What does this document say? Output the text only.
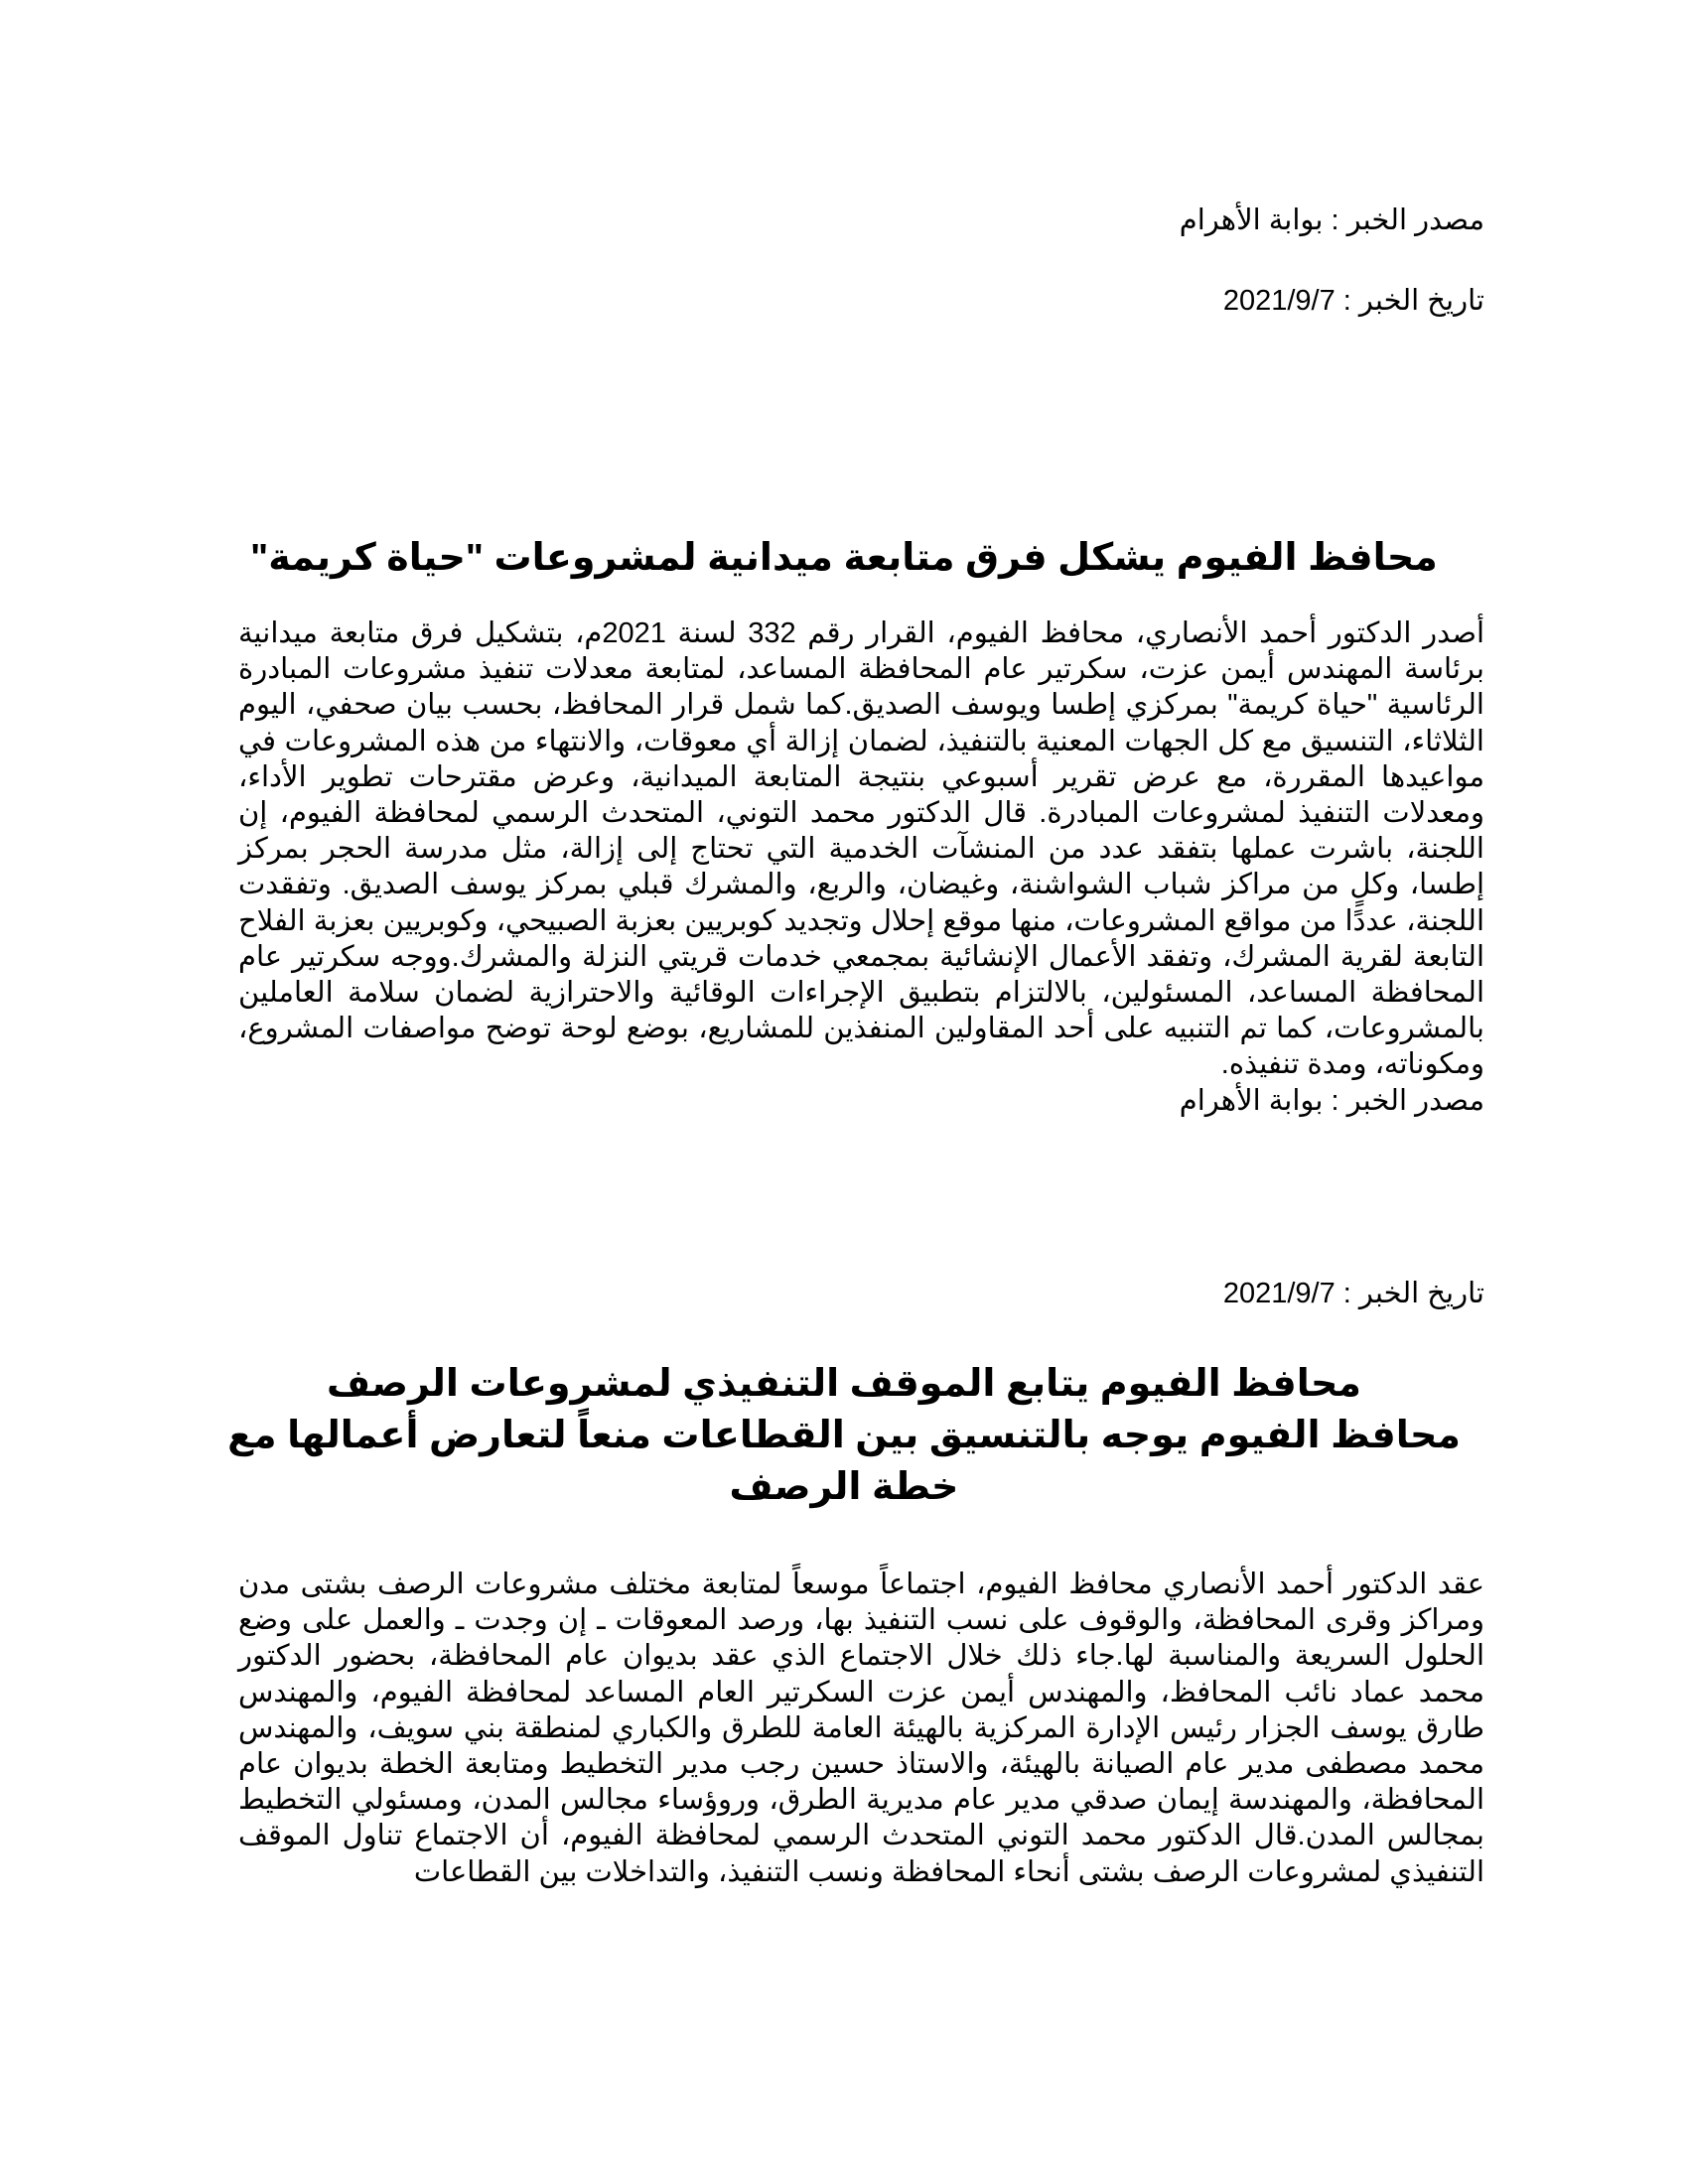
مصدر الخبر : بوابة الأهرام
تاريخ الخبر : 2021/9/7
محافظ الفيوم يشكل فرق متابعة ميدانية لمشروعات "حياة كريمة"

أصدر الدكتور أحمد الأنصاري، محافظ الفيوم، القرار رقم 332 لسنة 2021م، بتشكيل فرق متابعة ميدانية برئاسة المهندس أيمن عزت، سكرتير عام المحافظة المساعد، لمتابعة معدلات تنفيذ مشروعات المبادرة الرئاسية "حياة كريمة" بمركزي إطسا ويوسف الصديق.كما شمل قرار المحافظ، بحسب بيان صحفي، اليوم الثلاثاء، التنسيق مع كل الجهات المعنية بالتنفيذ، لضمان إزالة أي معوقات، والانتهاء من هذه المشروعات في مواعيدها المقررة، مع عرض تقرير أسبوعي بنتيجة المتابعة الميدانية، وعرض مقترحات تطوير الأداء، ومعدلات التنفيذ لمشروعات المبادرة. قال الدكتور محمد التوني، المتحدث الرسمي لمحافظة الفيوم، إن اللجنة، باشرت عملها بتفقد عدد من المنشآت الخدمية التي تحتاج إلى إزالة، مثل مدرسة الحجر بمركز إطسا، وكلٍ من مراكز شباب الشواشنة، وغيضان، والربع، والمشرك قبلي بمركز يوسف الصديق. وتفقدت اللجنة، عددًا من مواقع المشروعات، منها موقع إحلال وتجديد كوبريين بعزبة الصبيحي، وكوبريين بعزبة الفلاح التابعة لقرية المشرك، وتفقد الأعمال الإنشائية بمجمعي خدمات قريتي النزلة والمشرك.ووجه سكرتير عام المحافظة المساعد، المسئولين، بالالتزام بتطبيق الإجراءات الوقائية والاحترازية لضمان سلامة العاملين بالمشروعات، كما تم التنبيه على أحد المقاولين المنفذين للمشاريع، بوضع لوحة توضح مواصفات المشروع، ومكوناته، ومدة تنفيذه.

مصدر الخبر : بوابة الأهرام

تاريخ الخبر : 2021/9/7
محافظ الفيوم يتابع الموقف التنفيذي لمشروعات الرصف
محافظ الفيوم يوجه بالتنسيق بين القطاعات منعاً لتعارض أعمالها مع خطة الرصف

عقد الدكتور أحمد الأنصاري محافظ الفيوم، اجتماعاً موسعاً لمتابعة مختلف مشروعات الرصف بشتى مدن ومراكز وقرى المحافظة، والوقوف على نسب التنفيذ بها، ورصد المعوقات ـ إن وجدت ـ والعمل على وضع الحلول السريعة والمناسبة لها.جاء ذلك خلال الاجتماع الذي عقد بديوان عام المحافظة، بحضور الدكتور محمد عماد نائب المحافظ، والمهندس أيمن عزت السكرتير العام المساعد لمحافظة الفيوم، والمهندس طارق يوسف الجزار رئيس الإدارة المركزية بالهيئة العامة للطرق والكباري لمنطقة بني سويف، والمهندس محمد مصطفى مدير عام الصيانة بالهيئة، والاستاذ حسين رجب مدير التخطيط ومتابعة الخطة بديوان عام المحافظة، والمهندسة إيمان صدقي مدير عام مديرية الطرق، وروؤساء مجالس المدن، ومسئولي التخطيط بمجالس المدن.قال الدكتور محمد التوني المتحدث الرسمي لمحافظة الفيوم، أن الاجتماع تناول الموقف التنفيذي لمشروعات الرصف بشتى أنحاء المحافظة ونسب التنفيذ، والتداخلات بين القطاعات
